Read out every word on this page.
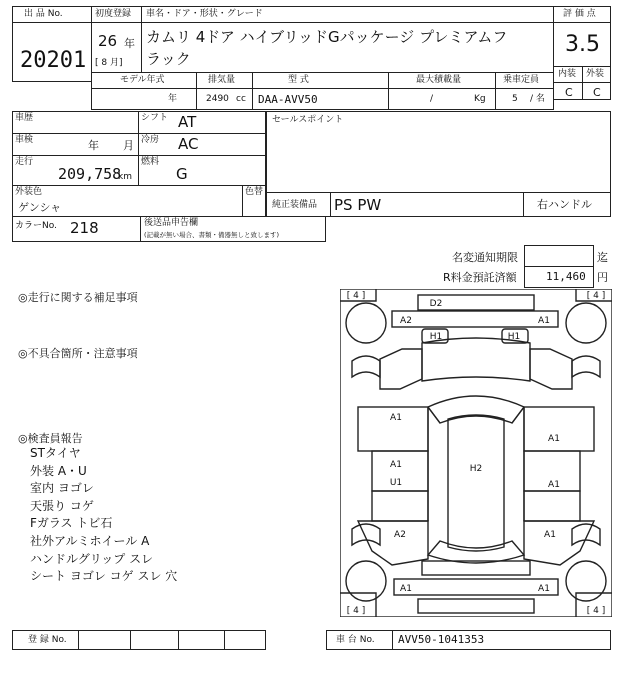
出 品 No.
20201
初度登録
26 年
[ 8 月]
車名・ドア・形状・グレード
カムリ 4ドア ハイブリッドGパッケージ プレミアムフ
ラック
評 価 点
3.5
内装 外装
C C
モデル年式
年
排気量
2490 cc
型 式
DAA-AVV50
最大積載量
/	Kg
乗車定員
5 / 名
車歴	シフト AT
車検	年 月 冷房 AC
走行
209,758
km
燃料
G
セールスポイント
外装色
ゲンシャ
色替
純正装備品 PS PW	右ハンドル
カラーNo. 218	後送品申告欄
(記載が無い場合、書類・備器無しと致します)
名変通知期限	迄
R料金預託済額	11,460 円
◎走行に関する補足事項
◎不具合箇所・注意事項
◎検査員報告
STタイヤ
外装 A・U
室内 ヨゴレ
天張り コゲ
Fガラス トビ石
社外アルミホイール A
ハンドルグリップ スレ
シート ヨゴレ コゲ スレ 穴
[ 4 ]	[ 4 ]
[ 4 ]	[ 4 ]
D2
A2	A1
H1	H1
A1
A1
A1
U1
H2
A1
A2	A1
A1	A1
登 録 No.	車 台 No. AVV50-1041353
